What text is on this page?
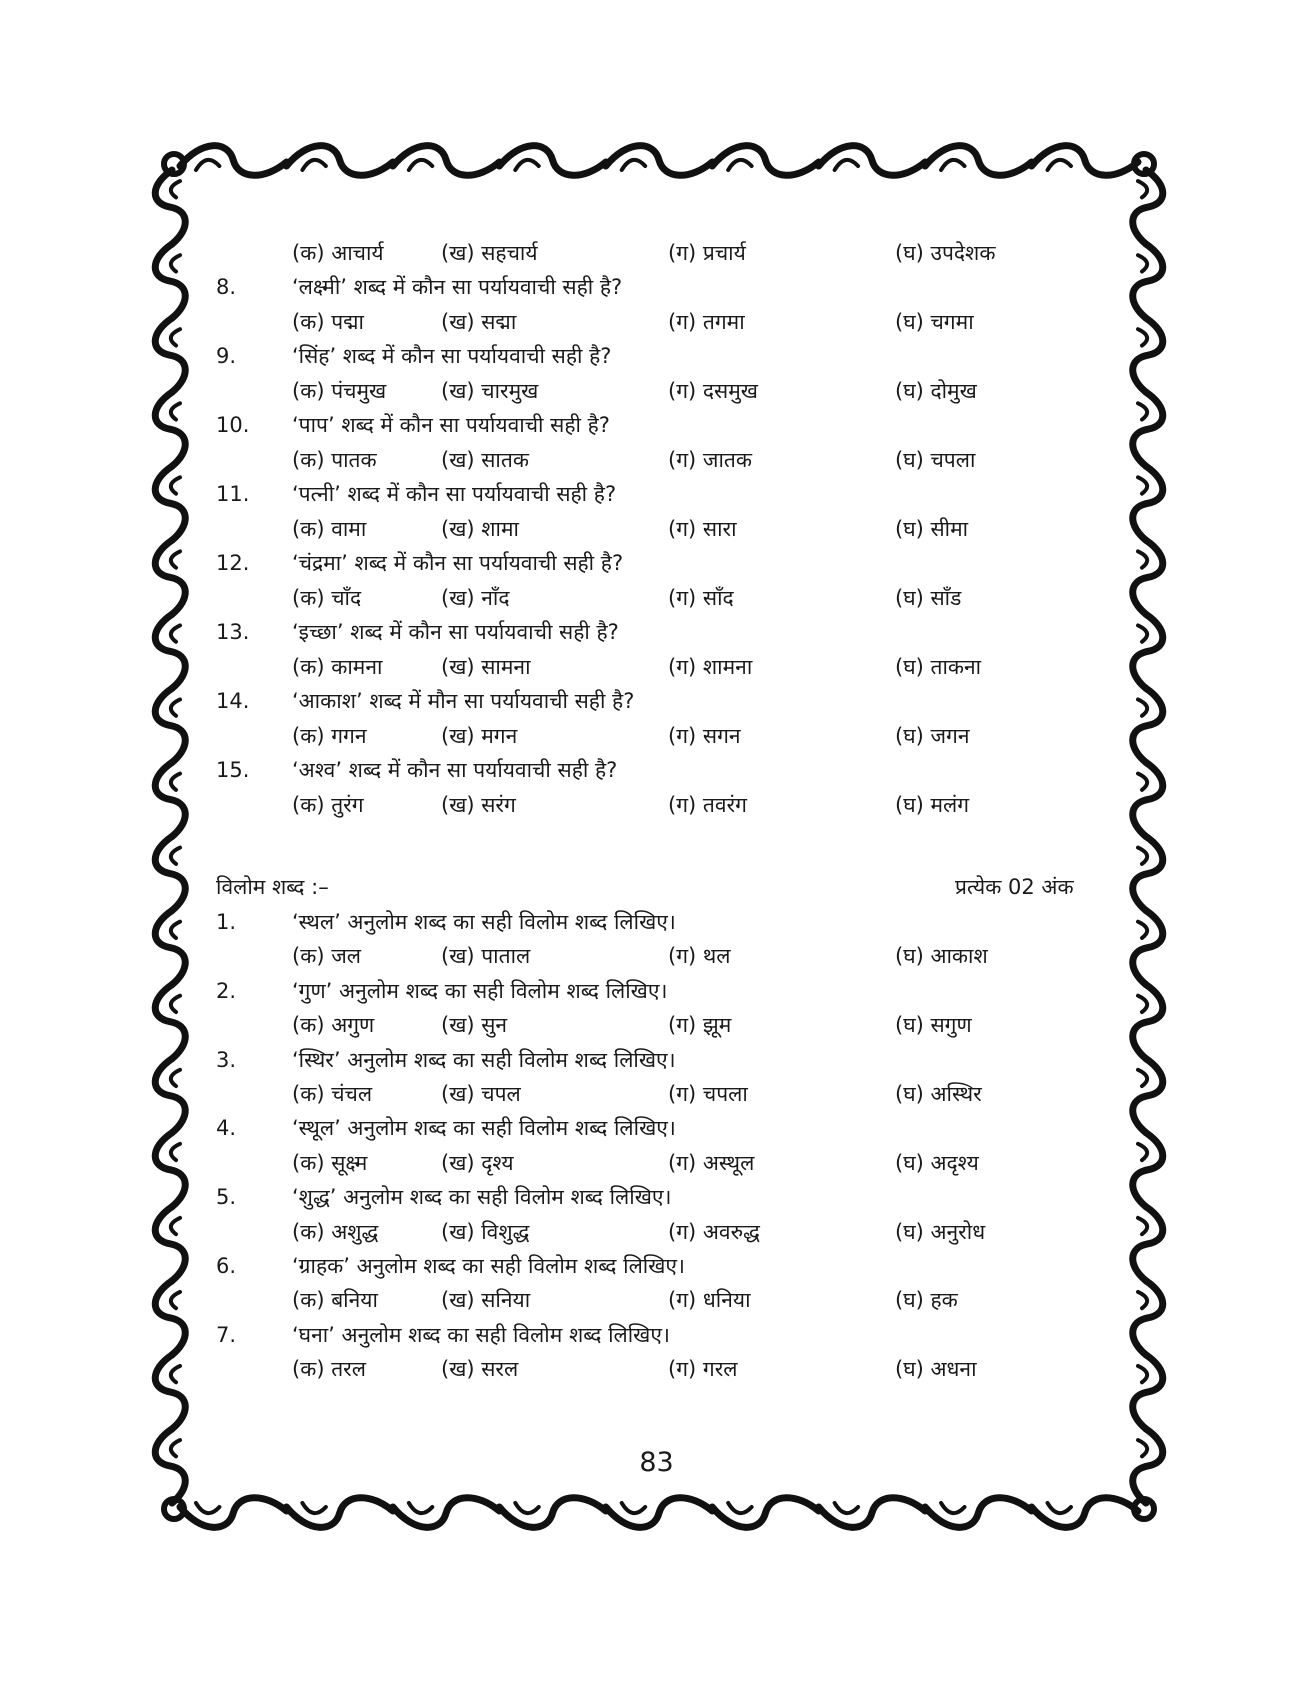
(क) आचार्य	(ख) सहचार्य	(ग) प्रचार्य	(घ) उपदेशक
8.	‘लक्ष्मी’ शब्द में कौन सा पर्यायवाची सही है?
(क) पद्मा	(ख) सद्मा	(ग) तगमा	(घ) चगमा
9.	‘सिंह’ शब्द में कौन सा पर्यायवाची सही है?
(क) पंचमुख	(ख) चारमुख	(ग) दसमुख	(घ) दोमुख
10. ‘पाप’ शब्द में कौन सा पर्यायवाची सही है?
(क) पातक	(ख) सातक	(ग) जातक	(घ) चपला
11. ‘पत्नी’ शब्द में कौन सा पर्यायवाची सही है?
(क) वामा	(ख) शामा	(ग) सारा	(घ) सीमा
12. ‘चंद्रमा’ शब्द में कौन सा पर्यायवाची सही है?
(क) चाँद	(ख) नाँद	(ग) साँद	(घ) साँड
13. ‘इच्छा’ शब्द में कौन सा पर्यायवाची सही है?
(क) कामना	(ख) सामना	(ग) शामना	(घ) ताकना
14. ‘आकाश’ शब्द में मौन सा पर्यायवाची सही है?
(क) गगन	(ख) मगन	(ग) सगन	(घ) जगन
15. ‘अश्व’ शब्द में कौन सा पर्यायवाची सही है?
(क) तुरंग	(ख) सरंग	(ग) तवरंग	(घ) मलंग
विलोम शब्द :–	प्रत्येक 02 अंक
1.	‘स्थल’ अनुलोम शब्द का सही विलोम शब्द लिखिए।
(क) जल	(ख) पाताल	(ग) थल	(घ) आकाश
2.	‘गुण’ अनुलोम शब्द का सही विलोम शब्द लिखिए।
(क) अगुण	(ख) सुन	(ग) झूम	(घ) सगुण
3.	‘स्थिर’ अनुलोम शब्द का सही विलोम शब्द लिखिए।
(क) चंचल	(ख) चपल	(ग) चपला	(घ) अस्थिर
4.	‘स्थूल’ अनुलोम शब्द का सही विलोम शब्द लिखिए।
(क) सूक्ष्म	(ख) दृश्य	(ग) अस्थूल	(घ) अदृश्य
5.	‘शुद्ध’ अनुलोम शब्द का सही विलोम शब्द लिखिए।
(क) अशुद्ध	(ख) विशुद्ध	(ग) अवरुद्ध	(घ) अनुरोध
6.	‘ग्राहक’ अनुलोम शब्द का सही विलोम शब्द लिखिए।
(क) बनिया	(ख) सनिया	(ग) धनिया	(घ) हक
7.	‘घना’ अनुलोम शब्द का सही विलोम शब्द लिखिए।
(क) तरल	(ख) सरल	(ग) गरल	(घ) अधना
83
